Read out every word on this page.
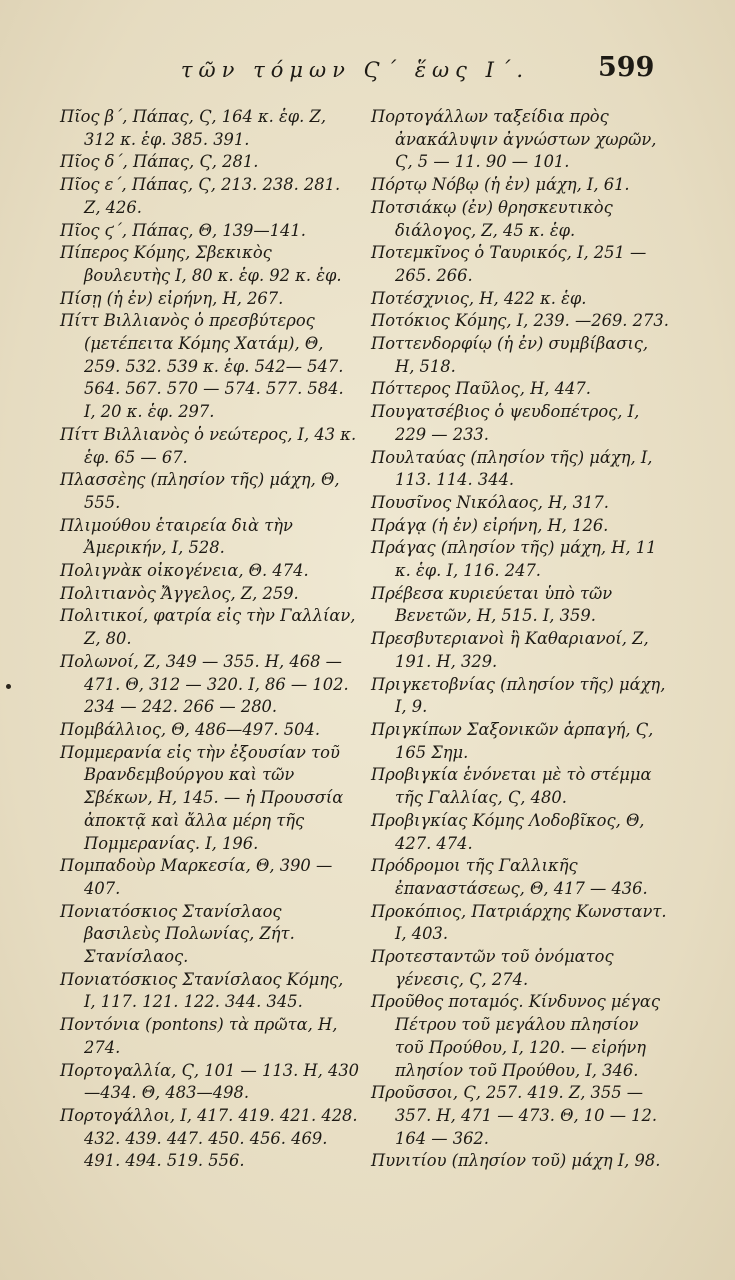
τῶν τόμων Ϛ΄ ἕως Ι΄.	599
Πῖος β΄, Πάπας, Ϛ, 164 κ. ἑφ. Ζ, 312 κ. ἑφ. 385. 391.
Πῖος δ΄, Πάπας, Ϛ, 281.
Πῖος ε΄, Πάπας, Ϛ, 213. 238. 281. Ζ, 426.
Πῖος ϛ΄, Πάπας, Θ, 139—141.
Πίπερος Κόμης, Σβεκικὸς βουλευτὴς Ι, 80 κ. ἑφ. 92 κ. ἑφ.
Πίσῃ (ἡ ἐν) εἰρήνη, Η, 267.
Πίττ Βιλλιανὸς ὁ πρεσβύτερος (μετέπειτα Κόμης Χατάμ), Θ, 259. 532. 539 κ. ἑφ. 542— 547. 564. 567. 570 — 574. 577. 584. Ι, 20 κ. ἑφ. 297.
Πίττ Βιλλιανὸς ὁ νεώτερος, Ι, 43 κ. ἑφ. 65 — 67.
Πλασσὲης (πλησίον τῆς) μάχη, Θ, 555.
Πλιμούθου ἑταιρεία διὰ τὴν Ἀμερικήν, Ι, 528.
Πολιγνὰκ οἰκογένεια, Θ. 474.
Πολιτιανὸς Ἄγγελος, Ζ, 259.
Πολιτικοί, φατρία εἰς τὴν Γαλλίαν, Ζ, 80.
Πολωνοί, Ζ, 349 — 355. Η, 468 — 471. Θ, 312 — 320. Ι, 86 — 102. 234 — 242. 266 — 280.
Πομβάλλιος, Θ, 486—497. 504.
Πομμερανία εἰς τὴν ἐξουσίαν τοῦ Βρανδεμβούργου καὶ τῶν Σβέκων, Η, 145. — ἡ Προυσσία ἀποκτᾷ καὶ ἄλλα μέρη τῆς Πομμερανίας. Ι, 196.
Πομπαδοὺρ Μαρκεσία, Θ, 390 — 407.
Πονιατόσκιος Στανίσλαος βασιλεὺς Πολωνίας, Ζήτ. Στανίσλαος.
Πονιατόσκιος Στανίσλαος Κόμης, Ι, 117. 121. 122. 344. 345.
Ποντόνια (pontons) τὰ πρῶτα, Η, 274.
Πορτογαλλία, Ϛ, 101 — 113. Η, 430—434. Θ, 483—498.
Πορτογάλλοι, Ι, 417. 419. 421. 428. 432. 439. 447. 450. 456. 469. 491. 494. 519. 556.
Πορτογάλλων ταξείδια πρὸς ἀνακάλυψιν ἀγνώστων χωρῶν, Ϛ, 5 — 11. 90 — 101.
Πόρτῳ Νόβῳ (ἡ ἐν) μάχη, Ι, 61.
Ποτσιάκῳ (ἐν) θρησκευτικὸς διάλογος, Ζ, 45 κ. ἑφ.
Ποτεμκῖνος ὁ Ταυρικός, Ι, 251 — 265. 266.
Ποτέσχνιος, Η, 422 κ. ἑφ.
Ποτόκιος Κόμης, Ι, 239. —269. 273.
Ποττενδορφίῳ (ἡ ἐν) συμβίβασις, Η, 518.
Πόττερος Παῦλος, Η, 447.
Πουγατσέβιος ὁ ψευδοπέτρος, Ι, 229 — 233.
Πουλταύας (πλησίον τῆς) μάχη, Ι, 113. 114. 344.
Πουσῖνος Νικόλαος, Η, 317.
Πράγᾳ (ἡ ἐν) εἰρήνη, Η, 126.
Πράγας (πλησίον τῆς) μάχη, Η, 11 κ. ἑφ. Ι, 116. 247.
Πρέβεσα κυριεύεται ὑπὸ τῶν Βενετῶν, Η, 515. Ι, 359.
Πρεσβυτεριανοὶ ἢ Καθαριανοί, Ζ, 191. Η, 329.
Πριγκετοβνίας (πλησίον τῆς) μάχη, Ι, 9.
Πριγκίπων Σαξονικῶν ἁρπαγή, Ϛ, 165 Σημ.
Προβιγκία ἑνόνεται μὲ τὸ στέμμα τῆς Γαλλίας, Ϛ, 480.
Προβιγκίας Κόμης Λοδοβῖκος, Θ, 427. 474.
Πρόδρομοι τῆς Γαλλικῆς ἐπαναστάσεως, Θ, 417 — 436.
Προκόπιος, Πατριάρχης Κωνσταντ. Ι, 403.
Προτεσταντῶν τοῦ ὀνόματος γένεσις, Ϛ, 274.
Προῦθος ποταμός. Κίνδυνος μέγας Πέτρου τοῦ μεγάλου πλησίον τοῦ Προύθου, Ι, 120. — εἰρήνη πλησίον τοῦ Προύθου, Ι, 346.
Προῦσσοι, Ϛ, 257. 419. Ζ, 355 — 357. Η, 471 — 473. Θ, 10 — 12. 164 — 362.
Πυνιτίου (πλησίον τοῦ) μάχη Ι, 98.
